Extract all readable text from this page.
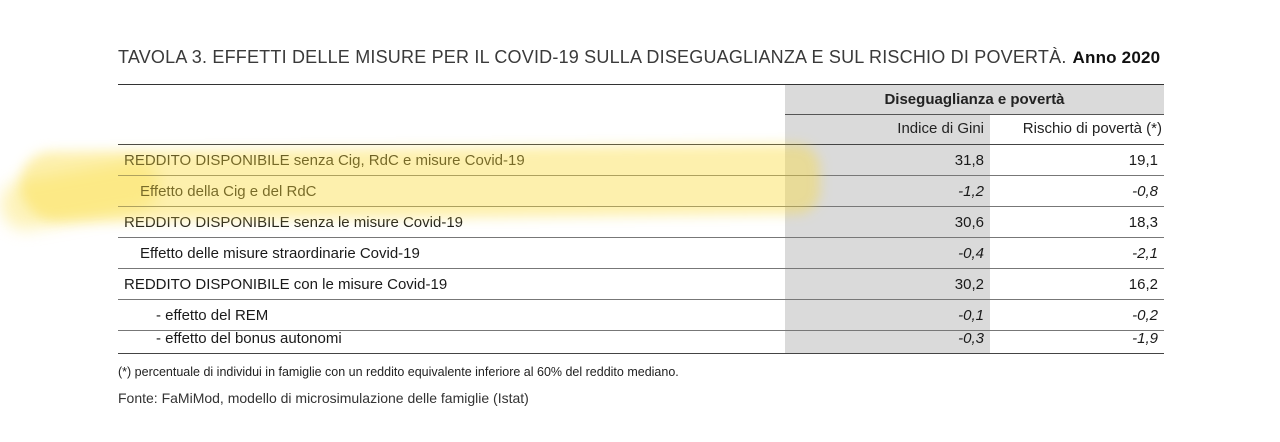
TAVOLA 3. EFFETTI DELLE MISURE PER IL COVID-19 SULLA DISEGUAGLIANZA E SUL RISCHIO DI POVERTÀ. Anno 2020
Diseguaglianza e povertà
Indice di Gini	Rischio di povertà (*)
REDDITO DISPONIBILE senza Cig, RdC e misure Covid-19	31,8	19,1
Effetto della Cig e del RdC	-1,2	-0,8
REDDITO DISPONIBILE senza le misure Covid-19	30,6	18,3
Effetto delle misure straordinarie Covid-19	-0,4	-2,1
REDDITO DISPONIBILE con le misure Covid-19	30,2	16,2
- effetto del REM	-0,1	-0,2
- effetto del bonus autonomi	-0,3	-1,9
(*) percentuale di individui in famiglie con un reddito equivalente inferiore al 60% del reddito mediano.
Fonte: FaMiMod, modello di microsimulazione delle famiglie (Istat)
